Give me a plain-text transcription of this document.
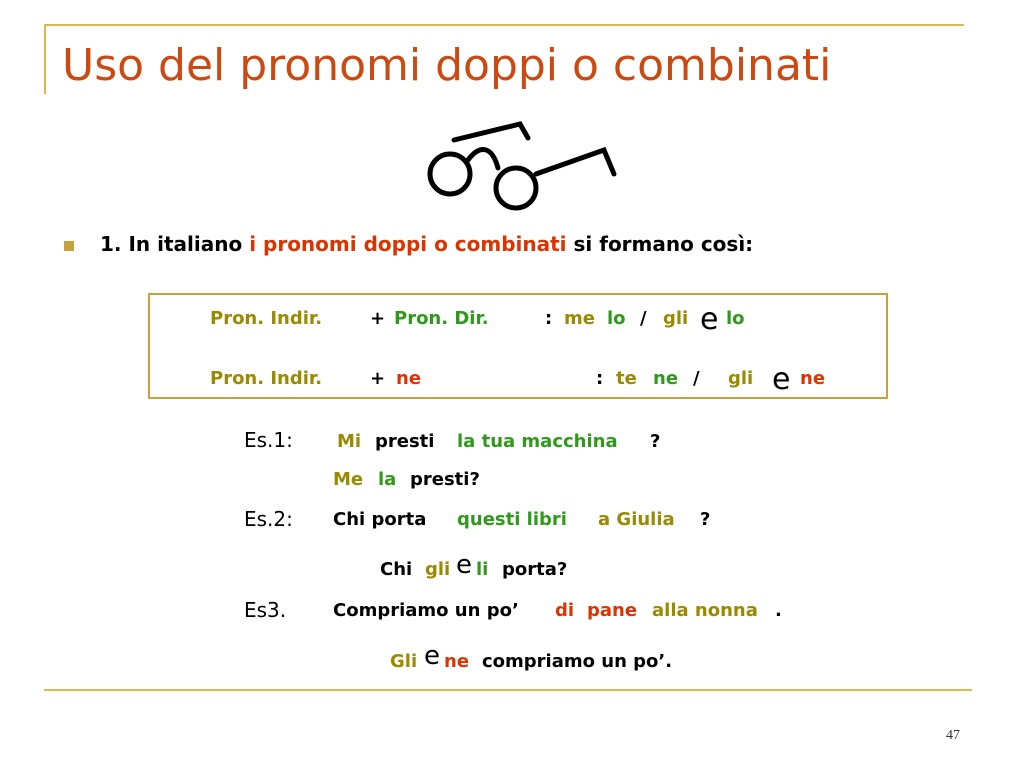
Uso del pronomi doppi o combinati
1. In italiano i pronomi doppi o combinati si formano così:
Pron. Indir.	+ Pron. Dir.	: me lo / gli e lo
Pron. Indir.	+ ne	: te ne / gli e ne
Es.1: Mi presti la tua macchina ?
Me la presti?
Es.2: Chi porta questi libri a Giulia ?
Chi gli e li porta?
Es3.	Compriamo un po’ di pane alla nonna .
Gli e ne compriamo un po’.
47
